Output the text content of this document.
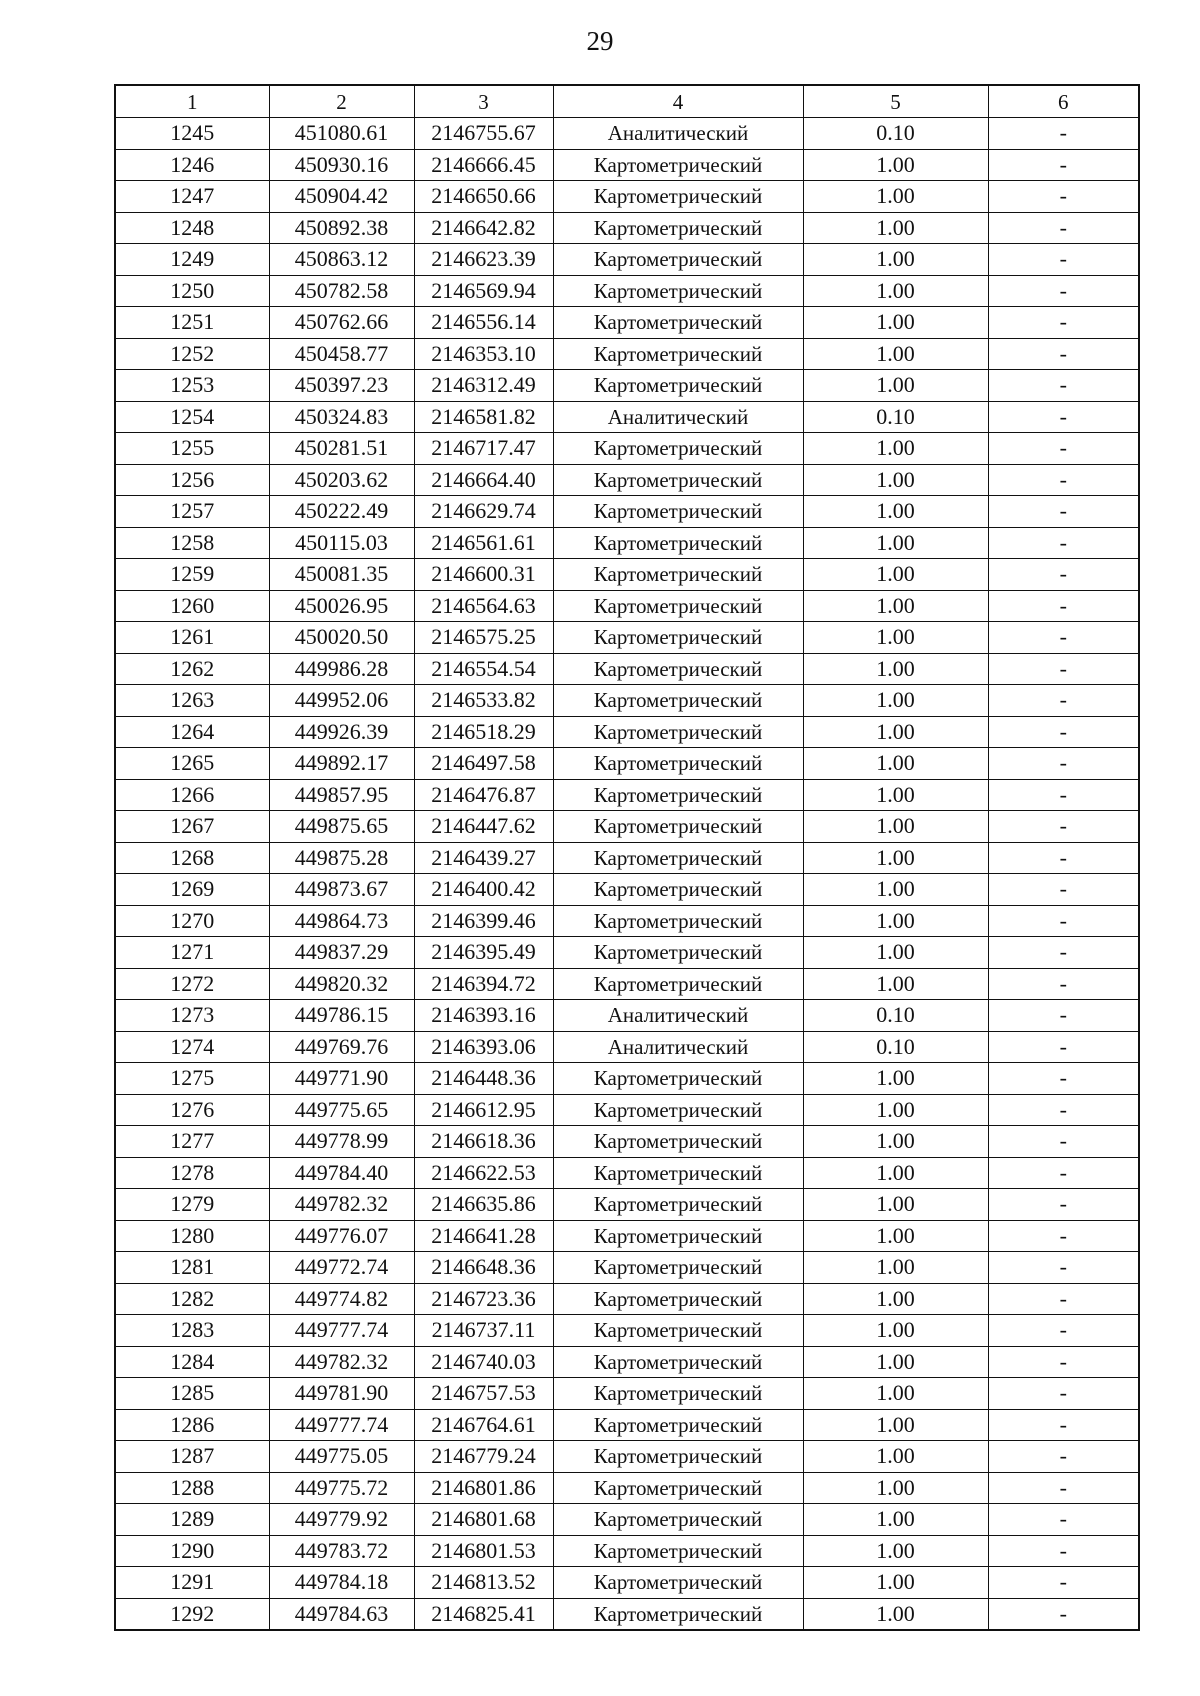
29
1	2	3	4	5	6
1245	451080.61	2146755.67	Аналитический	0.10	-
1246	450930.16	2146666.45	Картометрический	1.00	-
1247	450904.42	2146650.66	Картометрический	1.00	-
1248	450892.38	2146642.82	Картометрический	1.00	-
1249	450863.12	2146623.39	Картометрический	1.00	-
1250	450782.58	2146569.94	Картометрический	1.00	-
1251	450762.66	2146556.14	Картометрический	1.00	-
1252	450458.77	2146353.10	Картометрический	1.00	-
1253	450397.23	2146312.49	Картометрический	1.00	-
1254	450324.83	2146581.82	Аналитический	0.10	-
1255	450281.51	2146717.47	Картометрический	1.00	-
1256	450203.62	2146664.40	Картометрический	1.00	-
1257	450222.49	2146629.74	Картометрический	1.00	-
1258	450115.03	2146561.61	Картометрический	1.00	-
1259	450081.35	2146600.31	Картометрический	1.00	-
1260	450026.95	2146564.63	Картометрический	1.00	-
1261	450020.50	2146575.25	Картометрический	1.00	-
1262	449986.28	2146554.54	Картометрический	1.00	-
1263	449952.06	2146533.82	Картометрический	1.00	-
1264	449926.39	2146518.29	Картометрический	1.00	-
1265	449892.17	2146497.58	Картометрический	1.00	-
1266	449857.95	2146476.87	Картометрический	1.00	-
1267	449875.65	2146447.62	Картометрический	1.00	-
1268	449875.28	2146439.27	Картометрический	1.00	-
1269	449873.67	2146400.42	Картометрический	1.00	-
1270	449864.73	2146399.46	Картометрический	1.00	-
1271	449837.29	2146395.49	Картометрический	1.00	-
1272	449820.32	2146394.72	Картометрический	1.00	-
1273	449786.15	2146393.16	Аналитический	0.10	-
1274	449769.76	2146393.06	Аналитический	0.10	-
1275	449771.90	2146448.36	Картометрический	1.00	-
1276	449775.65	2146612.95	Картометрический	1.00	-
1277	449778.99	2146618.36	Картометрический	1.00	-
1278	449784.40	2146622.53	Картометрический	1.00	-
1279	449782.32	2146635.86	Картометрический	1.00	-
1280	449776.07	2146641.28	Картометрический	1.00	-
1281	449772.74	2146648.36	Картометрический	1.00	-
1282	449774.82	2146723.36	Картометрический	1.00	-
1283	449777.74	2146737.11	Картометрический	1.00	-
1284	449782.32	2146740.03	Картометрический	1.00	-
1285	449781.90	2146757.53	Картометрический	1.00	-
1286	449777.74	2146764.61	Картометрический	1.00	-
1287	449775.05	2146779.24	Картометрический	1.00	-
1288	449775.72	2146801.86	Картометрический	1.00	-
1289	449779.92	2146801.68	Картометрический	1.00	-
1290	449783.72	2146801.53	Картометрический	1.00	-
1291	449784.18	2146813.52	Картометрический	1.00	-
1292	449784.63	2146825.41	Картометрический	1.00	-
